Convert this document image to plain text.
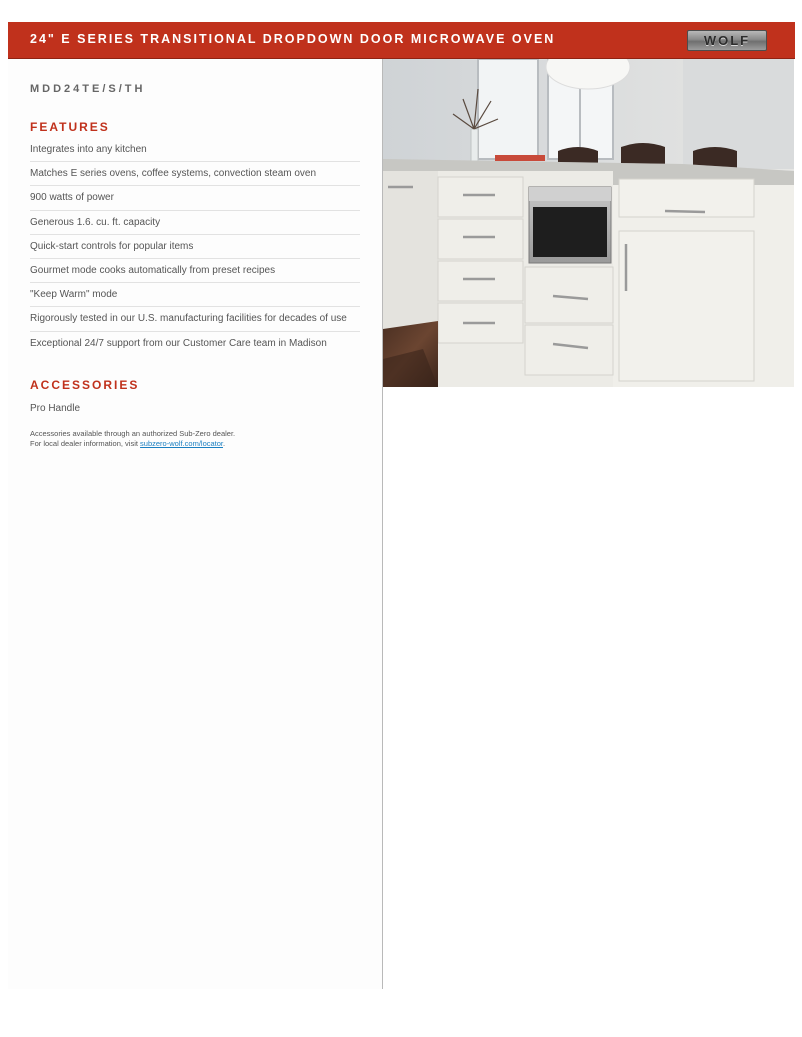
24" E SERIES TRANSITIONAL DROPDOWN DOOR MICROWAVE OVEN	WOLF
MDD24TE/S/TH
FEATURES
Integrates into any kitchen
Matches E series ovens, coffee systems, convection steam oven
900 watts of power
Generous 1.6. cu. ft. capacity
Quick-start controls for popular items
Gourmet mode cooks automatically from preset recipes
"Keep Warm" mode
Rigorously tested in our U.S. manufacturing facilities for decades of use
Exceptional 24/7 support from our Customer Care team in Madison
ACCESSORIES
Pro Handle
Accessories available through an authorized Sub-Zero dealer.
For local dealer information, visit subzero-wolf.com/locator.
